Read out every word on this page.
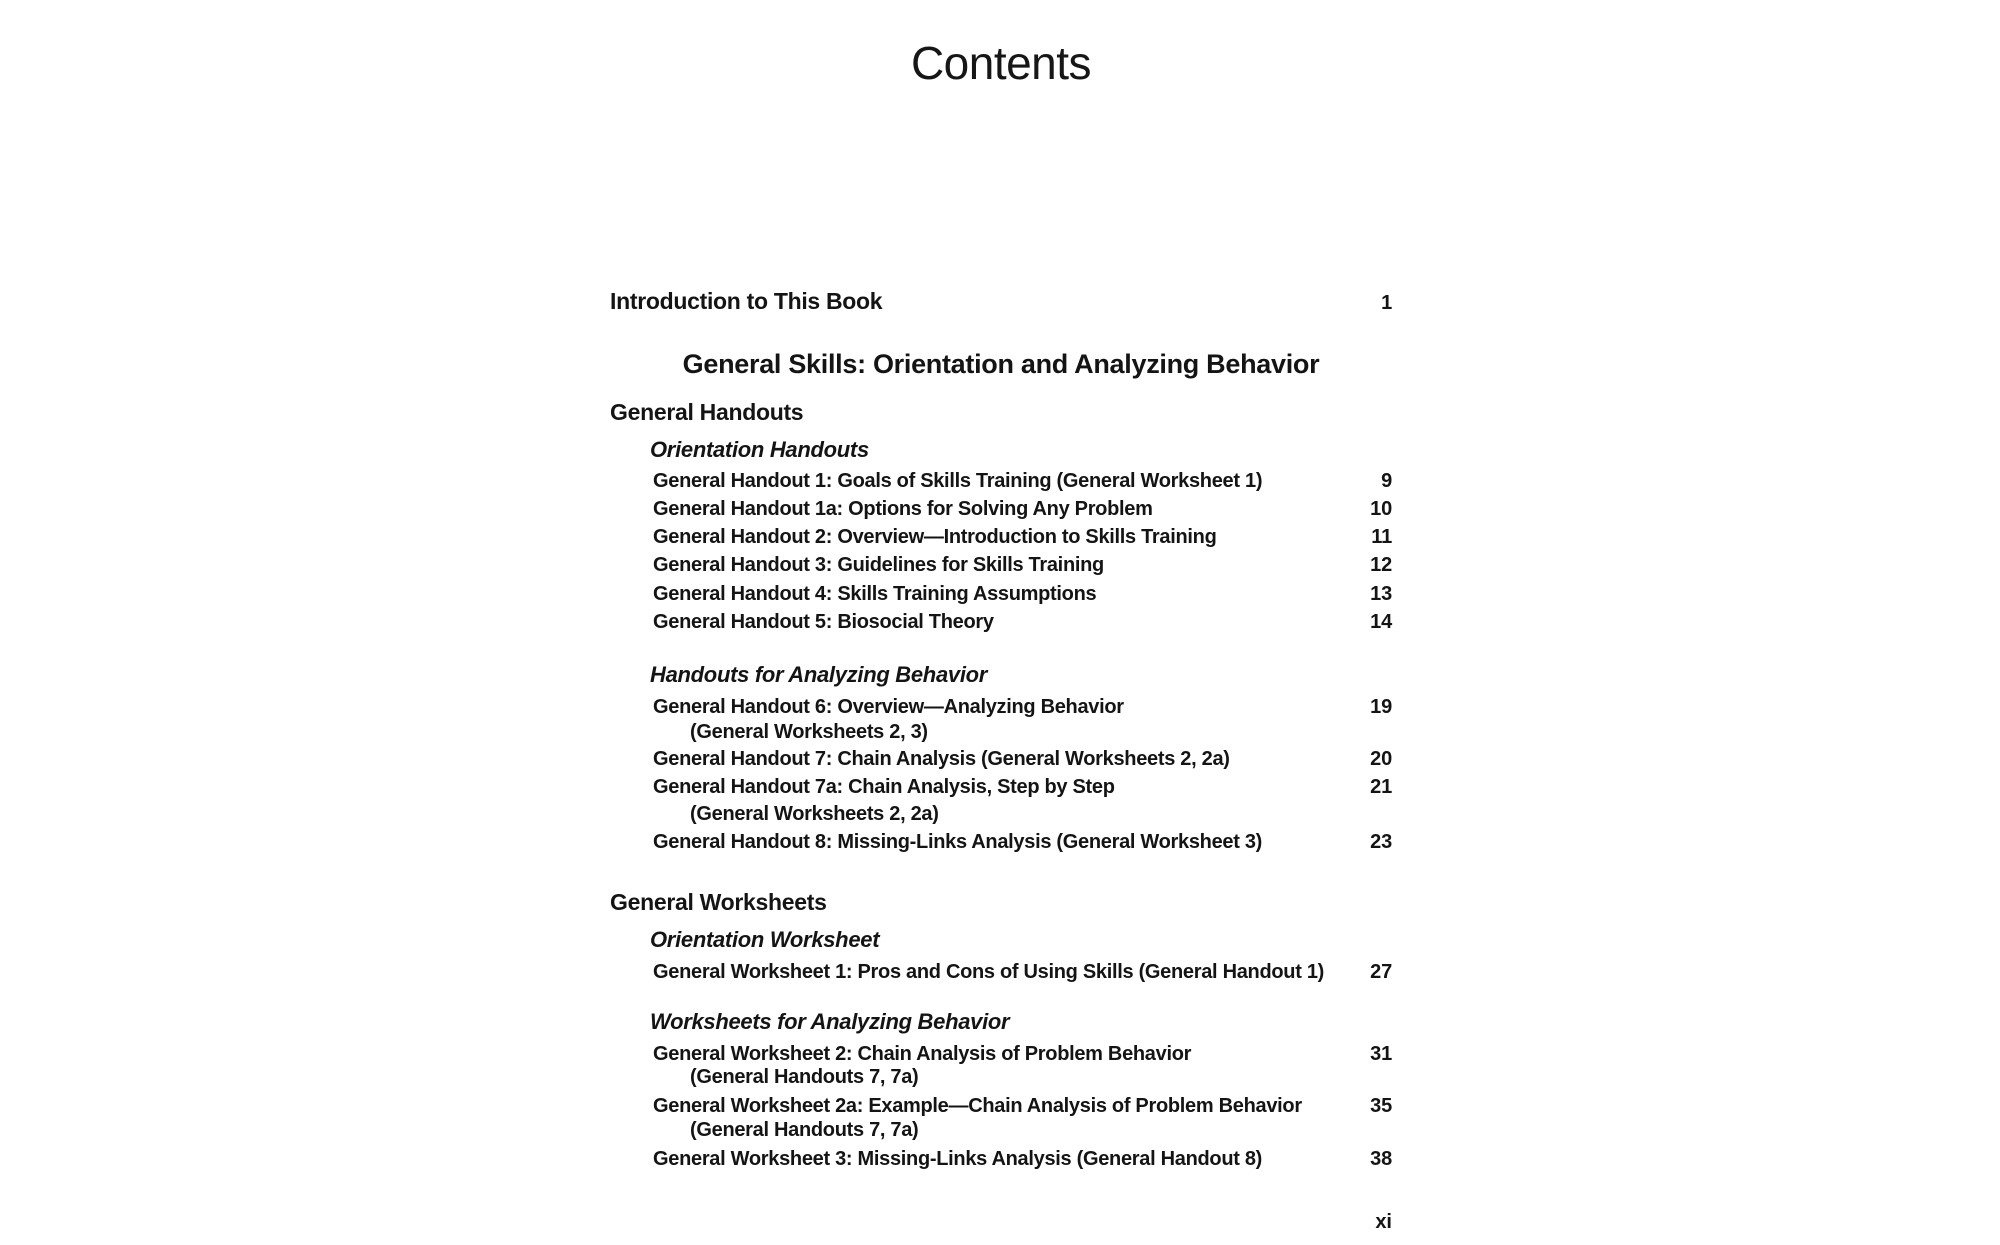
Contents
Introduction to This Book	1
General Skills: Orientation and Analyzing Behavior
General Handouts
Orientation Handouts
General Handout 1: Goals of Skills Training (General Worksheet 1)	9
General Handout 1a: Options for Solving Any Problem	10
General Handout 2: Overview—Introduction to Skills Training	11
General Handout 3: Guidelines for Skills Training	12
General Handout 4: Skills Training Assumptions	13
General Handout 5: Biosocial Theory	14
Handouts for Analyzing Behavior
General Handout 6: Overview—Analyzing Behavior	19
(General Worksheets 2, 3)
General Handout 7: Chain Analysis (General Worksheets 2, 2a)	20
General Handout 7a: Chain Analysis, Step by Step	21
(General Worksheets 2, 2a)
General Handout 8: Missing-Links Analysis (General Worksheet 3)	23
General Worksheets
Orientation Worksheet
General Worksheet 1: Pros and Cons of Using Skills (General Handout 1)	27
Worksheets for Analyzing Behavior
General Worksheet 2: Chain Analysis of Problem Behavior	31
(General Handouts 7, 7a)
General Worksheet 2a: Example—Chain Analysis of Problem Behavior	35
(General Handouts 7, 7a)
General Worksheet 3: Missing-Links Analysis (General Handout 8)	38
xi
